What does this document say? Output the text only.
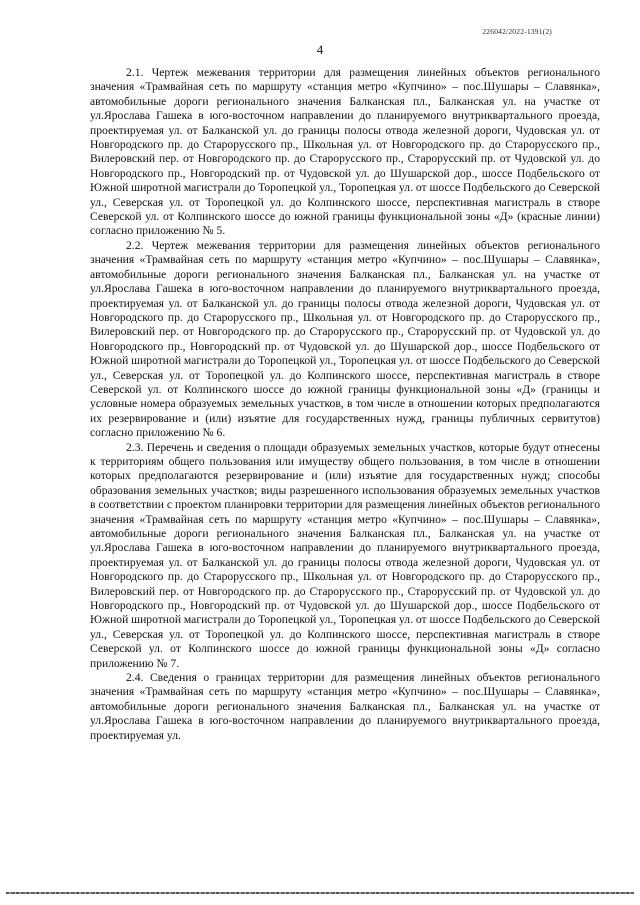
226042/2022-1391(2)
4

2.1. Чертеж межевания территории для размещения линейных объектов регионального значения «Трамвайная сеть по маршруту «станция метро «Купчино» – пос.Шушары – Славянка», автомобильные дороги регионального значения Балканская пл., Балканская ул. на участке от ул.Ярослава Гашека в юго-восточном направлении до планируемого внутриквартального проезда, проектируемая ул. от Балканской ул. до границы полосы отвода железной дороги, Чудовская ул. от Новгородского пр. до Старорусского пр., Школьная ул. от Новгородского пр. до Старорусского пр., Вилеровский пер. от Новгородского пр. до Старорусского пр., Старорусский пр. от Чудовской ул. до Новгородского пр., Новгородский пр. от Чудовской ул. до Шушарской дор., шоссе Подбельского от Южной широтной магистрали до Торопецкой ул., Торопецкая ул. от шоссе Подбельского до Северской ул., Северская ул. от Торопецкой ул. до Колпинского шоссе, перспективная магистраль в створе Северской ул. от Колпинского шоссе до южной границы функциональной зоны «Д» (красные линии) согласно приложению № 5.

2.2. Чертеж межевания территории для размещения линейных объектов регионального значения «Трамвайная сеть по маршруту «станция метро «Купчино» – пос.Шушары – Славянка», автомобильные дороги регионального значения Балканская пл., Балканская ул. на участке от ул.Ярослава Гашека в юго-восточном направлении до планируемого внутриквартального проезда, проектируемая ул. от Балканской ул. до границы полосы отвода железной дороги, Чудовская ул. от Новгородского пр. до Старорусского пр., Школьная ул. от Новгородского пр. до Старорусского пр., Вилеровский пер. от Новгородского пр. до Старорусского пр., Старорусский пр. от Чудовской ул. до Новгородского пр., Новгородский пр. от Чудовской ул. до Шушарской дор., шоссе Подбельского от Южной широтной магистрали до Торопецкой ул., Торопецкая ул. от шоссе Подбельского до Северской ул., Северская ул. от Торопецкой ул. до Колпинского шоссе, перспективная магистраль в створе Северской ул. от Колпинского шоссе до южной границы функциональной зоны «Д» (границы и условные номера образуемых земельных участков, в том числе в отношении которых предполагаются их резервирование и (или) изъятие для государственных нужд, границы публичных сервитутов) согласно приложению № 6.

2.3. Перечень и сведения о площади образуемых земельных участков, которые будут отнесены к территориям общего пользования или имуществу общего пользования, в том числе в отношении которых предполагаются резервирование и (или) изъятие для государственных нужд; способы образования земельных участков; виды разрешенного использования образуемых земельных участков в соответствии с проектом планировки территории для размещения линейных объектов регионального значения «Трамвайная сеть по маршруту «станция метро «Купчино» – пос.Шушары – Славянка», автомобильные дороги регионального значения Балканская пл., Балканская ул. на участке от ул.Ярослава Гашека в юго-восточном направлении до планируемого внутриквартального проезда, проектируемая ул. от Балканской ул. до границы полосы отвода железной дороги, Чудовская ул. от Новгородского пр. до Старорусского пр., Школьная ул. от Новгородского пр. до Старорусского пр., Вилеровский пер. от Новгородского пр. до Старорусского пр., Старорусский пр. от Чудовской ул. до Новгородского пр., Новгородский пр. от Чудовской ул. до Шушарской дор., шоссе Подбельского от Южной широтной магистрали до Торопецкой ул., Торопецкая ул. от шоссе Подбельского до Северской ул., Северская ул. от Торопецкой ул. до Колпинского шоссе, перспективная магистраль в створе Северской ул. от Колпинского шоссе до южной границы функциональной зоны «Д» согласно приложению № 7.

2.4. Сведения о границах территории для размещения линейных объектов регионального значения «Трамвайная сеть по маршруту «станция метро «Купчино» – пос.Шушары – Славянка», автомобильные дороги регионального значения Балканская пл., Балканская ул. на участке от ул.Ярослава Гашека в юго-восточном направлении до планируемого внутриквартального проезда, проектируемая ул.
